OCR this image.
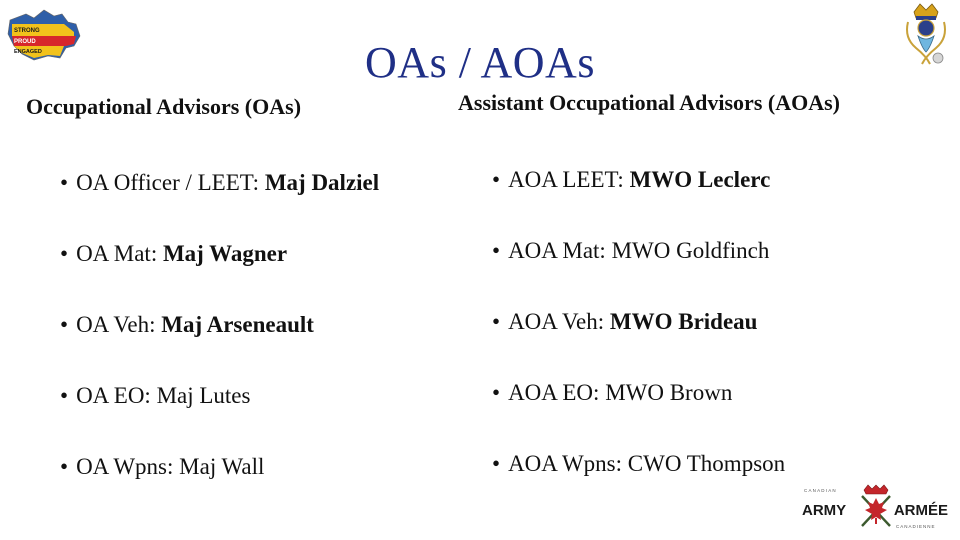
STRONG
PROUD
ENGAGED	OAs / AOAs
Occupational Advisors (OAs)	Assistant Occupational Advisors (AOAs)
• OA Officer / LEET: Maj Dalziel
• OA Mat: Maj Wagner
• OA Veh: Maj Arseneault
• OA EO: Maj Lutes
• OA Wpns: Maj Wall
• AOA LEET: MWO Leclerc
• AOA Mat: MWO Goldfinch
• AOA Veh: MWO Brideau
• AOA EO: MWO Brown
• AOA Wpns: CWO Thompson
CANADIAN
CANADIENNE
ARMY	ARMÉE
